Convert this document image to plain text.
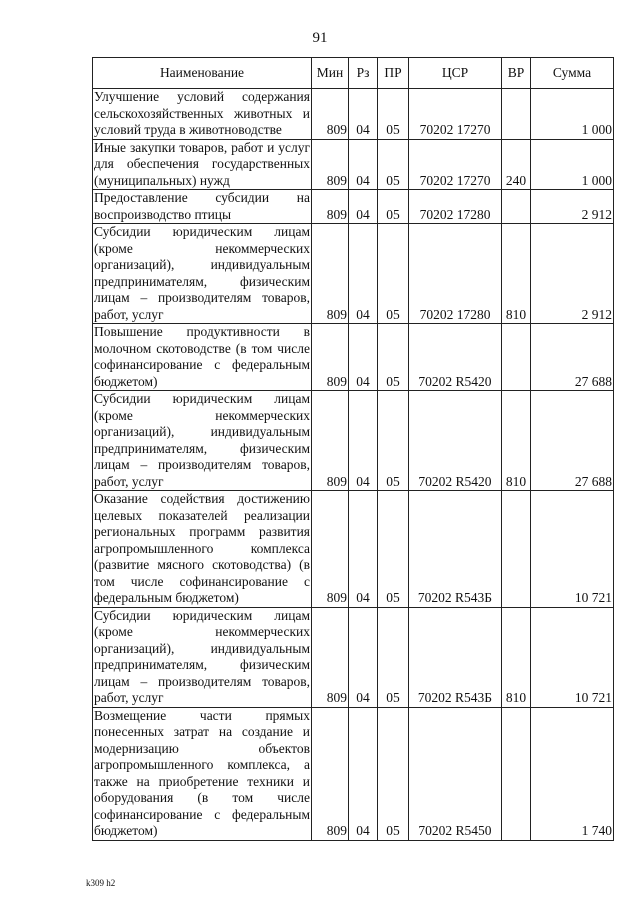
91
Наименование	Мин	Рз	ПР	ЦСР	ВР	Сумма
Улучшение условий содержания сельскохозяйственных животных и условий труда в животноводстве	809	04	05	70202 17270		1 000
Иные закупки товаров, работ и услуг для обеспечения государственных (муниципальных) нужд	809	04	05	70202 17270	240	1 000
Предоставление субсидии на воспроизводство птицы	809	04	05	70202 17280		2 912
Субсидии юридическим лицам (кроме некоммерческих организаций), индивидуальным предпринимателям, физическим лицам – производителям товаров, работ, услуг	809	04	05	70202 17280	810	2 912
Повышение продуктивности в молочном скотоводстве (в том числе софинансирование с федеральным бюджетом)	809	04	05	70202 R5420		27 688
Субсидии юридическим лицам (кроме некоммерческих организаций), индивидуальным предпринимателям, физическим лицам – производителям товаров, работ, услуг	809	04	05	70202 R5420	810	27 688
Оказание содействия достижению целевых показателей реализации региональных программ развития агропромышленного комплекса (развитие мясного скотоводства) (в том числе софинансирование с федеральным бюджетом)	809	04	05	70202 R543Б		10 721
Субсидии юридическим лицам (кроме некоммерческих организаций), индивидуальным предпринимателям, физическим лицам – производителям товаров, работ, услуг	809	04	05	70202 R543Б	810	10 721
Возмещение части прямых понесенных затрат на создание и модернизацию объектов агропромышленного комплекса, а также на приобретение техники и оборудования (в том числе софинансирование с федеральным бюджетом)	809	04	05	70202 R5450		1 740
k309 h2
